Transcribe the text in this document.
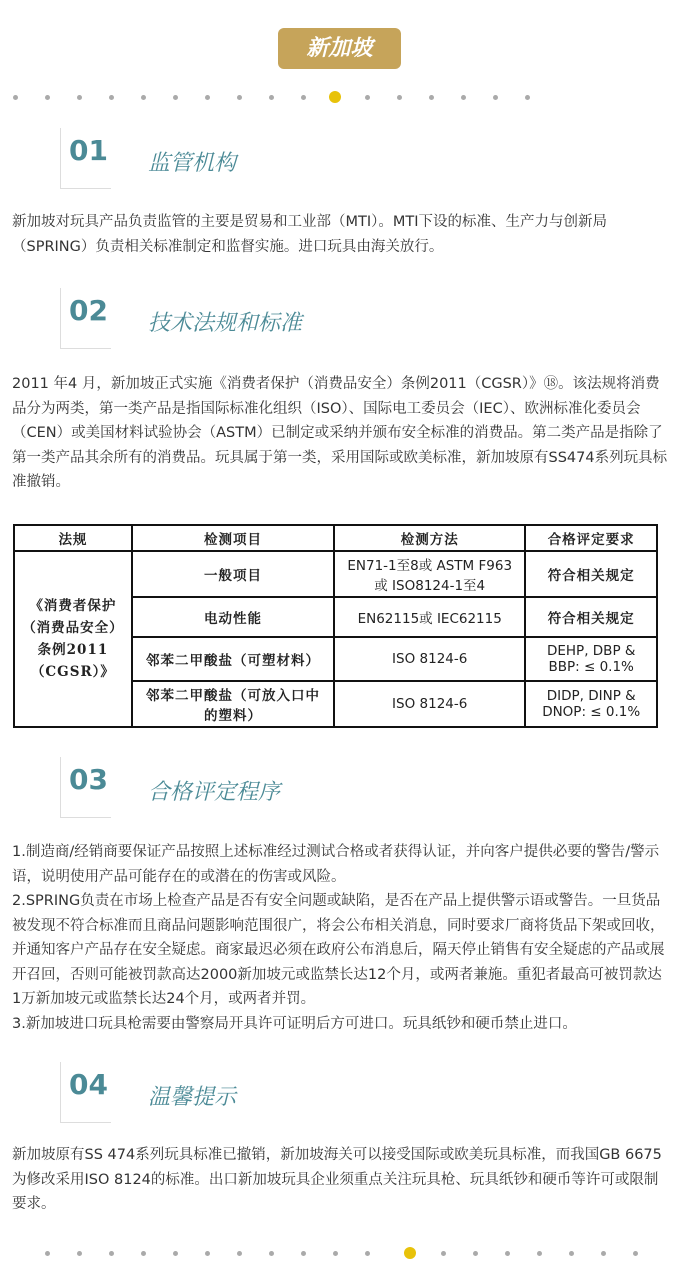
新加坡
01 监管机构

新加坡对玩具产品负责监管的主要是贸易和工业部（MTI）。MTI下设的标准、生产力与创新局（SPRING）负责相关标准制定和监督实施。进口玩具由海关放行。

02 技术法规和标准

2011 年4 月，新加坡正式实施《消费者保护（消费品安全）条例2011（CGSR）》⑱。该法规将消费品分为两类，第一类产品是指国际标准化组织（ISO）、国际电工委员会（IEC）、欧洲标准化委员会（CEN）或美国材料试验协会（ASTM）已制定或采纳并颁布安全标准的消费品。第二类产品是指除了第一类产品其余所有的消费品。玩具属于第一类，采用国际或欧美标准，新加坡原有SS474系列玩具标准撤销。

法规	检测项目	检测方法	合格评定要求
《消费者保护（消费品安全）条例2011（CGSR）》	一般项目	EN71-1至8或 ASTM F963或 ISO8124-1至4	符合相关规定
	电动性能	EN62115或 IEC62115	符合相关规定
	邻苯二甲酸盐（可塑材料）	ISO 8124-6	DEHP, DBP & BBP: ≤ 0.1%
	邻苯二甲酸盐（可放入口中的塑料）	ISO 8124-6	DIDP, DINP & DNOP: ≤ 0.1%
03 合格评定程序

1.制造商/经销商要保证产品按照上述标准经过测试合格或者获得认证，并向客户提供必要的警告/警示语，说明使用产品可能存在的或潜在的伤害或风险。

2.SPRING负责在市场上检查产品是否有安全问题或缺陷，是否在产品上提供警示语或警告。一旦货品被发现不符合标准而且商品问题影响范围很广，将会公布相关消息，同时要求厂商将货品下架或回收，并通知客户产品存在安全疑虑。商家最迟必须在政府公布消息后，隔天停止销售有安全疑虑的产品或展开召回，否则可能被罚款高达2000新加坡元或监禁长达12个月，或两者兼施。重犯者最高可被罚款达1万新加坡元或监禁长达24个月，或两者并罚。

3.新加坡进口玩具枪需要由警察局开具许可证明后方可进口。玩具纸钞和硬币禁止进口。

04 温馨提示

新加坡原有SS 474系列玩具标准已撤销，新加坡海关可以接受国际或欧美玩具标准，而我国GB 6675为修改采用ISO 8124的标准。出口新加坡玩具企业须重点关注玩具枪、玩具纸钞和硬币等许可或限制要求。
